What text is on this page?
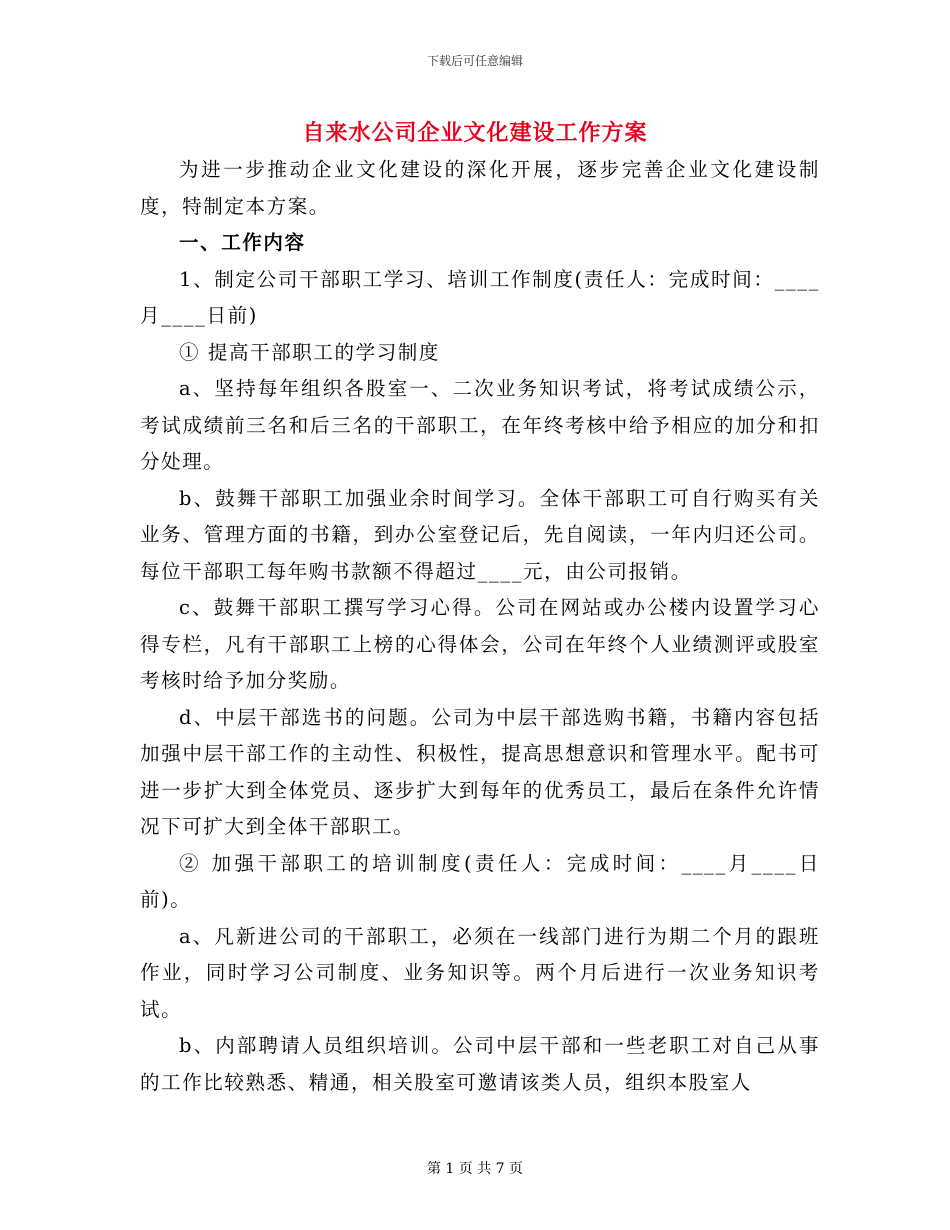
下载后可任意编辑
自来水公司企业文化建设工作方案

为进一步推动企业文化建设的深化开展，逐步完善企业文化建设制度，特制定本方案。

一、工作内容

1、制定公司干部职工学习、培训工作制度(责任人：完成时间：____月____日前)

① 提高干部职工的学习制度

a、坚持每年组织各股室一、二次业务知识考试，将考试成绩公示，考试成绩前三名和后三名的干部职工，在年终考核中给予相应的加分和扣分处理。

b、鼓舞干部职工加强业余时间学习。全体干部职工可自行购买有关业务、管理方面的书籍，到办公室登记后，先自阅读，一年内归还公司。每位干部职工每年购书款额不得超过____元，由公司报销。

c、鼓舞干部职工撰写学习心得。公司在网站或办公楼内设置学习心得专栏，凡有干部职工上榜的心得体会，公司在年终个人业绩测评或股室考核时给予加分奖励。

d、中层干部选书的问题。公司为中层干部选购书籍，书籍内容包括加强中层干部工作的主动性、积极性，提高思想意识和管理水平。配书可进一步扩大到全体党员、逐步扩大到每年的优秀员工，最后在条件允许情况下可扩大到全体干部职工。

② 加强干部职工的培训制度(责任人：完成时间：____月____日前)。

a、凡新进公司的干部职工，必须在一线部门进行为期二个月的跟班作业，同时学习公司制度、业务知识等。两个月后进行一次业务知识考试。

b、内部聘请人员组织培训。公司中层干部和一些老职工对自己从事的工作比较熟悉、精通，相关股室可邀请该类人员，组织本股室人

第 1 页 共 7 页
